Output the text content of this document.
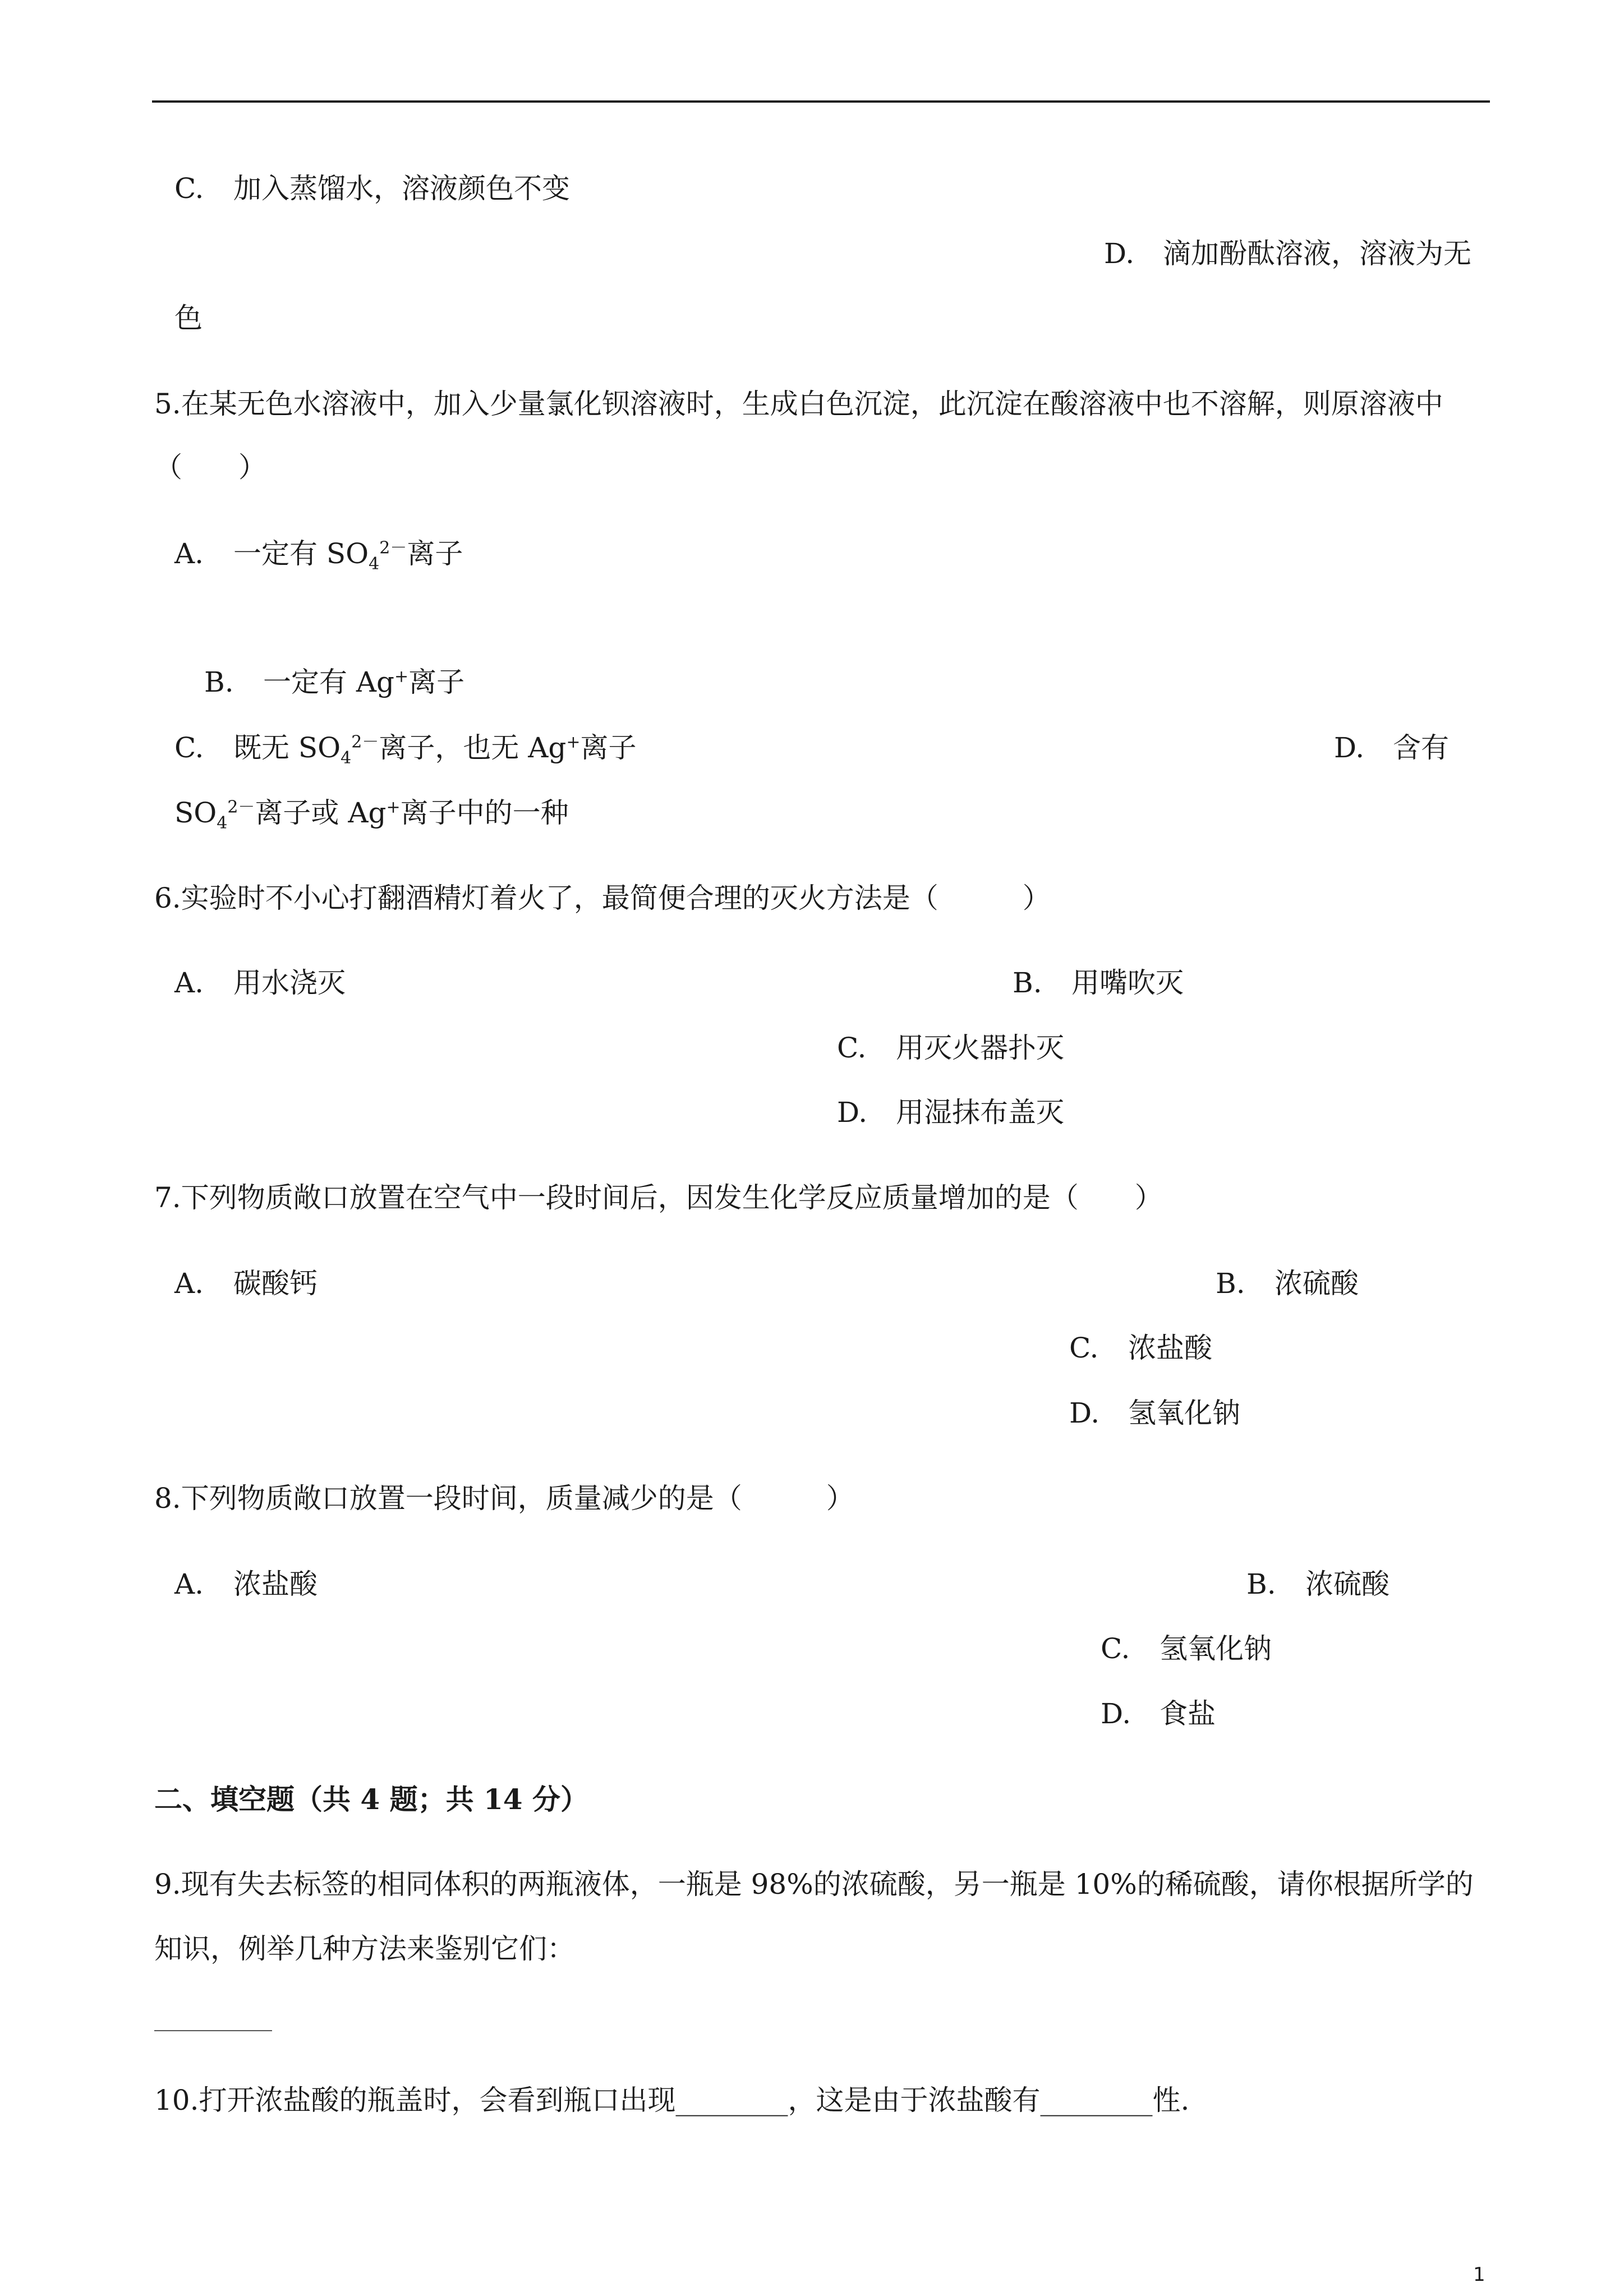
C. 加入蒸馏水，溶液颜色不变
D. 滴加酚酞溶液，溶液为无
色
5.在某无色水溶液中，加入少量氯化钡溶液时，生成白色沉淀，此沉淀在酸溶液中也不溶解，则原溶液中
（　　）
A. 一定有 $SO_4^{2-}$离子
B. 一定有 Ag+离子
C. 既无 $SO_4^{2-}$离子，也无 Ag+离子	D. 含有
$SO_4^{2-}$离子或 Ag+离子中的一种
6.实验时不小心打翻酒精灯着火了，最简便合理的灭火方法是（　　　）
A. 用水浇灭	B. 用嘴吹灭
C. 用灭火器扑灭
D. 用湿抹布盖灭
7.下列物质敞口放置在空气中一段时间后，因发生化学反应质量增加的是（　　）
A. 碳酸钙	B. 浓硫酸
C. 浓盐酸
D. 氢氧化钠
8.下列物质敞口放置一段时间，质量减少的是（　　　）
A. 浓盐酸	B. 浓硫酸
C. 氢氧化钠
D. 食盐
二、填空题（共 4 题；共 14 分）
9.现有失去标签的相同体积的两瓶液体，一瓶是 98%的浓硫酸，另一瓶是 10%的稀硫酸，请你根据所学的
知识，例举几种方法来鉴别它们：
10.打开浓盐酸的瓶盖时，会看到瓶口出现________，这是由于浓盐酸有________性.
1
